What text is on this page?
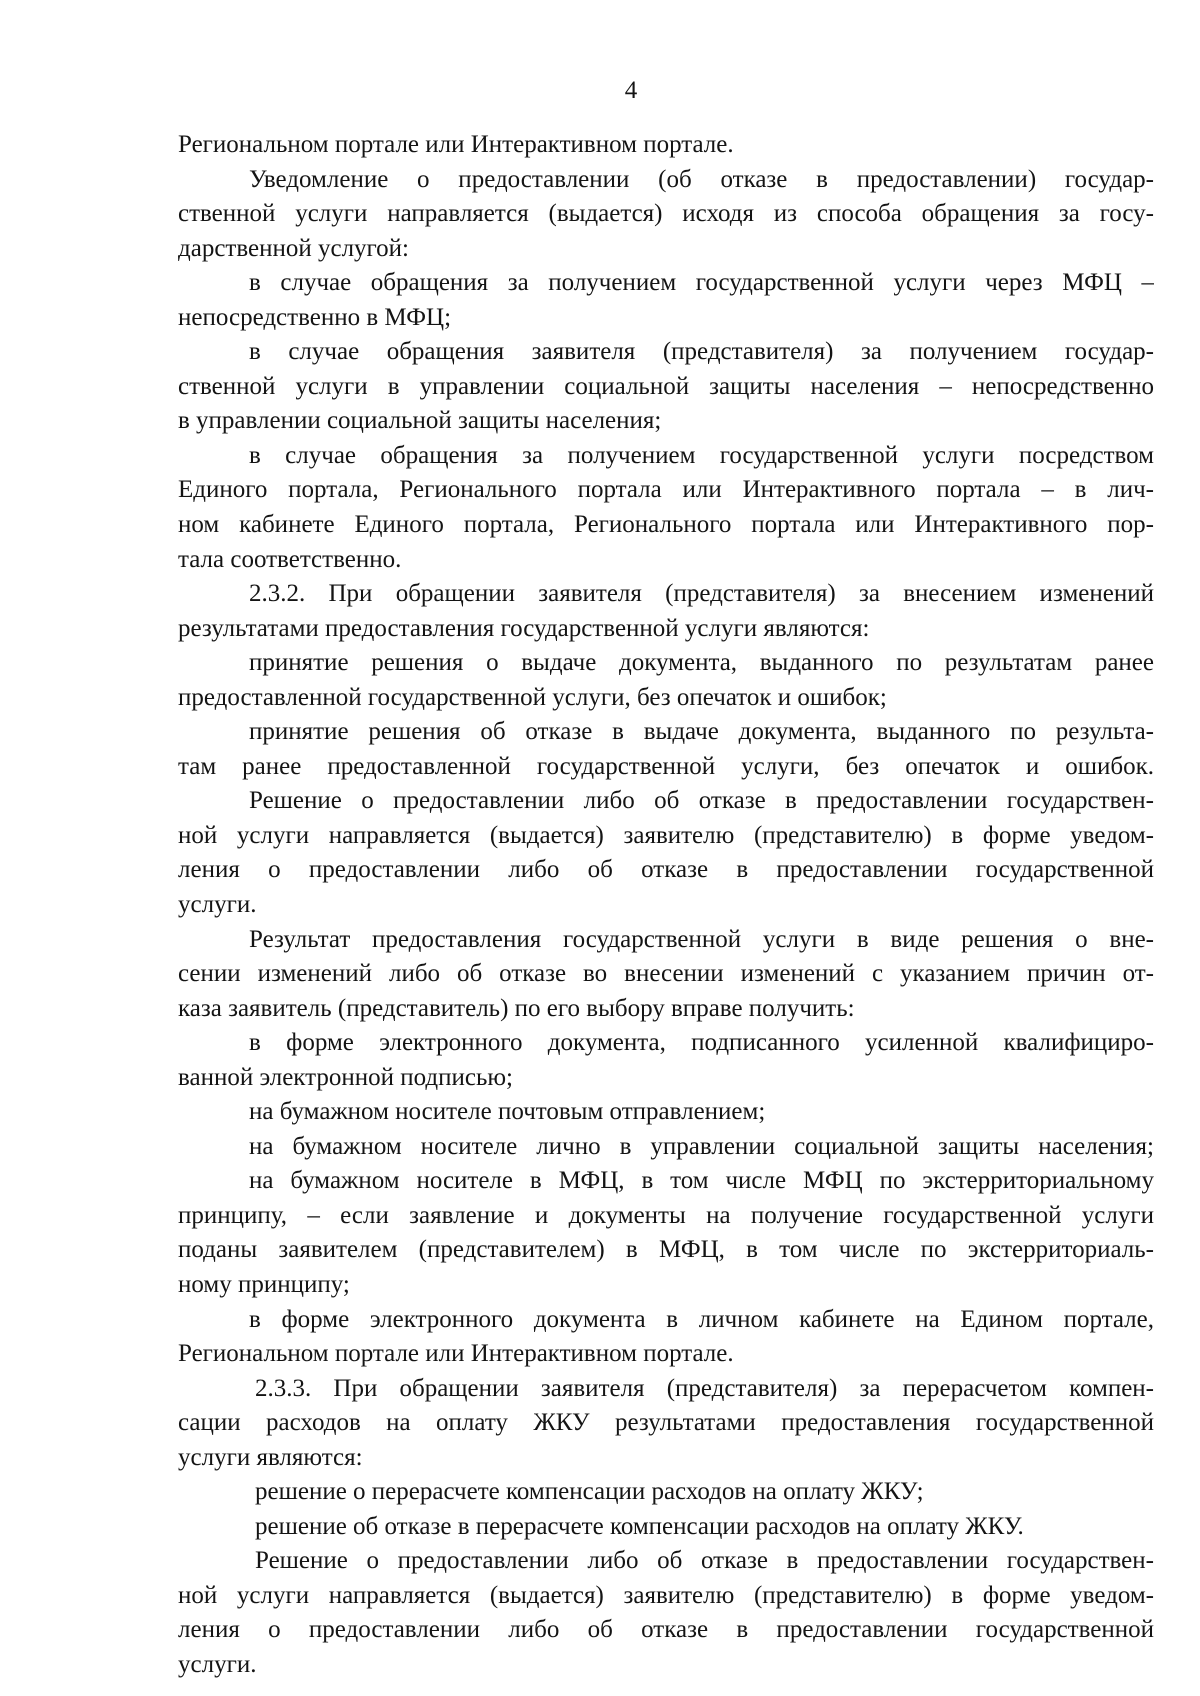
4
Региональном портале или Интерактивном портале.
Уведомление о предоставлении (об отказе в предоставлении) государ-
ственной услуги направляется (выдается) исходя из способа обращения за госу-
дарственной услугой:
в случае обращения за получением государственной услуги через МФЦ –
непосредственно в МФЦ;
в случае обращения заявителя (представителя) за получением государ-
ственной услуги в управлении социальной защиты населения – непосредственно
в управлении социальной защиты населения;
в случае обращения за получением государственной услуги посредством
Единого портала, Регионального портала или Интерактивного портала – в лич-
ном кабинете Единого портала, Регионального портала или Интерактивного пор-
тала соответственно.
2.3.2. При обращении заявителя (представителя) за внесением изменений
результатами предоставления государственной услуги являются:
принятие решения о выдаче документа, выданного по результатам ранее
предоставленной государственной услуги, без опечаток и ошибок;
принятие решения об отказе в выдаче документа, выданного по результа-
там ранее предоставленной государственной услуги, без опечаток и ошибок.
Решение о предоставлении либо об отказе в предоставлении государствен-
ной услуги направляется (выдается) заявителю (представителю) в форме уведом-
ления о предоставлении либо об отказе в предоставлении государственной
услуги.
Результат предоставления государственной услуги в виде решения о вне-
сении изменений либо об отказе во внесении изменений с указанием причин от-
каза заявитель (представитель) по его выбору вправе получить:
в форме электронного документа, подписанного усиленной квалифициро-
ванной электронной подписью;
на бумажном носителе почтовым отправлением;
на бумажном носителе лично в управлении социальной защиты населения;
на бумажном носителе в МФЦ, в том числе МФЦ по экстерриториальному
принципу, – если заявление и документы на получение государственной услуги
поданы заявителем (представителем) в МФЦ, в том числе по экстерриториаль-
ному принципу;
в форме электронного документа в личном кабинете на Едином портале,
Региональном портале или Интерактивном портале.
2.3.3. При обращении заявителя (представителя) за перерасчетом компен-
сации расходов на оплату ЖКУ результатами предоставления государственной
услуги являются:
решение о перерасчете компенсации расходов на оплату ЖКУ;
решение об отказе в перерасчете компенсации расходов на оплату ЖКУ.
Решение о предоставлении либо об отказе в предоставлении государствен-
ной услуги направляется (выдается) заявителю (представителю) в форме уведом-
ления о предоставлении либо об отказе в предоставлении государственной
услуги.
